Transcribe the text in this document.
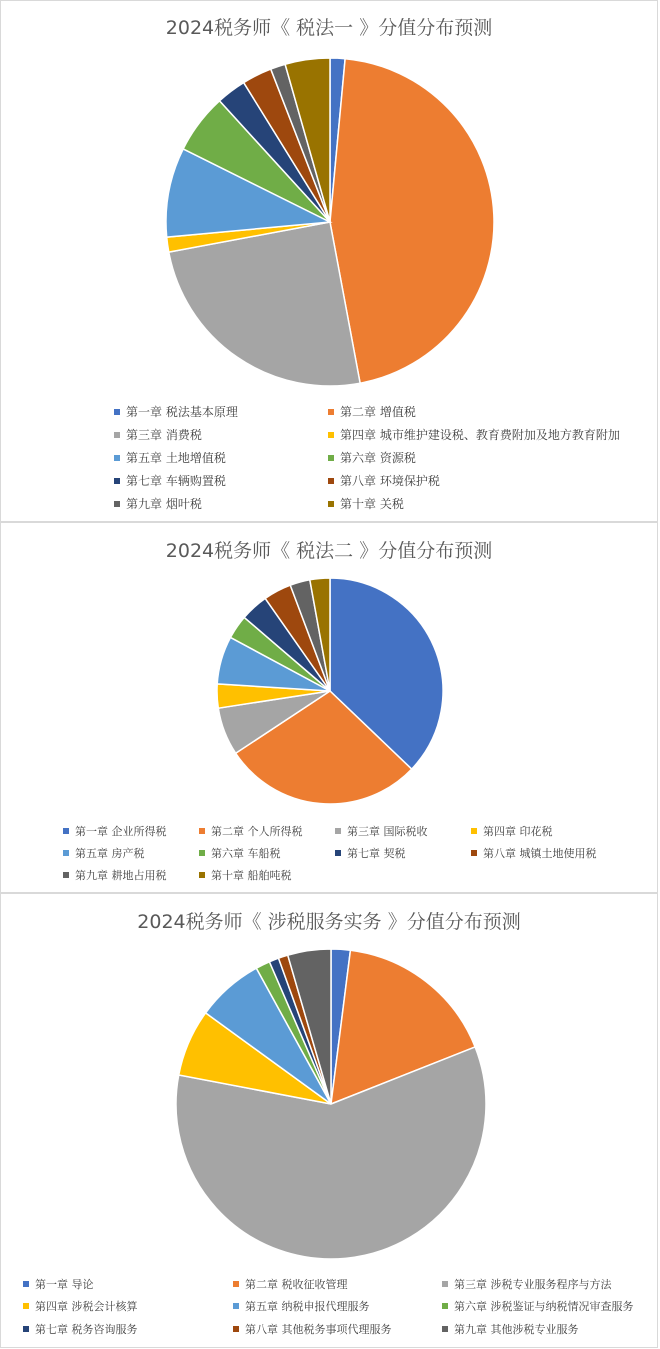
2024税务师《 税法一 》分值分布预测
第一章 税法基本原理	第二章 增值税
第三章 消费税	第四章 城市维护建设税、教育费附加及地方教育附加
第五章 土地增值税	第六章 资源税
第七章 车辆购置税	第八章 环境保护税
第九章 烟叶税	第十章 关税
2024税务师《 税法二 》分值分布预测
第一章 企业所得税	第二章 个人所得税	第三章 国际税收	第四章 印花税
第五章 房产税	第六章 车船税	第七章 契税	第八章 城镇土地使用税
第九章 耕地占用税	第十章 船舶吨税
2024税务师《 涉税服务实务 》分值分布预测
第一章 导论	第二章 税收征收管理	第三章 涉税专业服务程序与方法
第四章 涉税会计核算	第五章 纳税申报代理服务	第六章 涉税鉴证与纳税情况审查服务
第七章 税务咨询服务	第八章 其他税务事项代理服务	第九章 其他涉税专业服务
